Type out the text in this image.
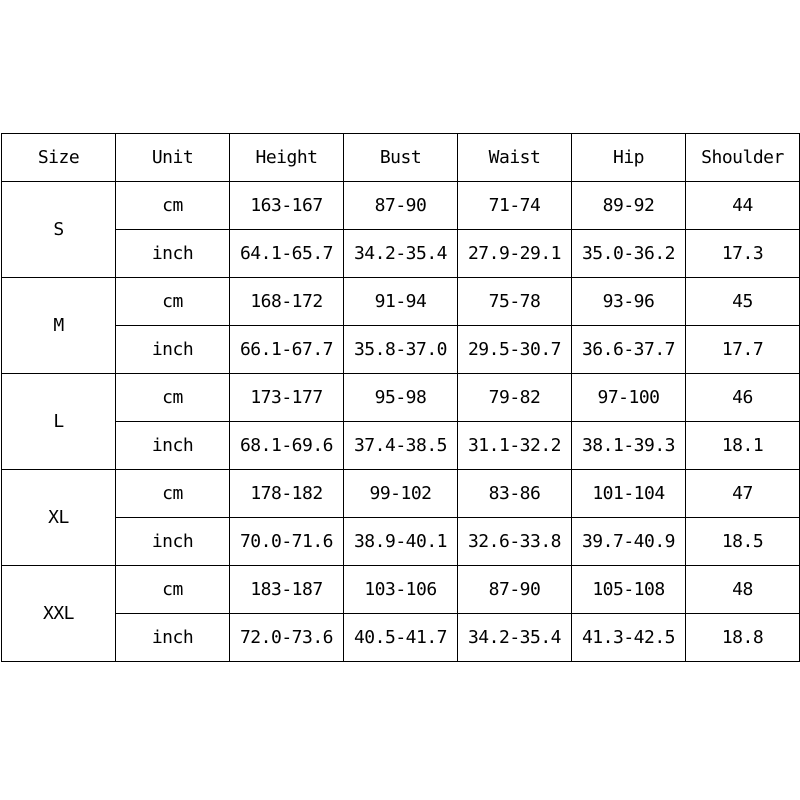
Size	Unit	Height	Bust	Waist	Hip	Shoulder
S	cm	163-167	87-90	71-74	89-92	44
	inch	64.1-65.7	34.2-35.4	27.9-29.1	35.0-36.2	17.3
M	cm	168-172	91-94	75-78	93-96	45
	inch	66.1-67.7	35.8-37.0	29.5-30.7	36.6-37.7	17.7
L	cm	173-177	95-98	79-82	97-100	46
	inch	68.1-69.6	37.4-38.5	31.1-32.2	38.1-39.3	18.1
XL	cm	178-182	99-102	83-86	101-104	47
	inch	70.0-71.6	38.9-40.1	32.6-33.8	39.7-40.9	18.5
XXL	cm	183-187	103-106	87-90	105-108	48
	inch	72.0-73.6	40.5-41.7	34.2-35.4	41.3-42.5	18.8
